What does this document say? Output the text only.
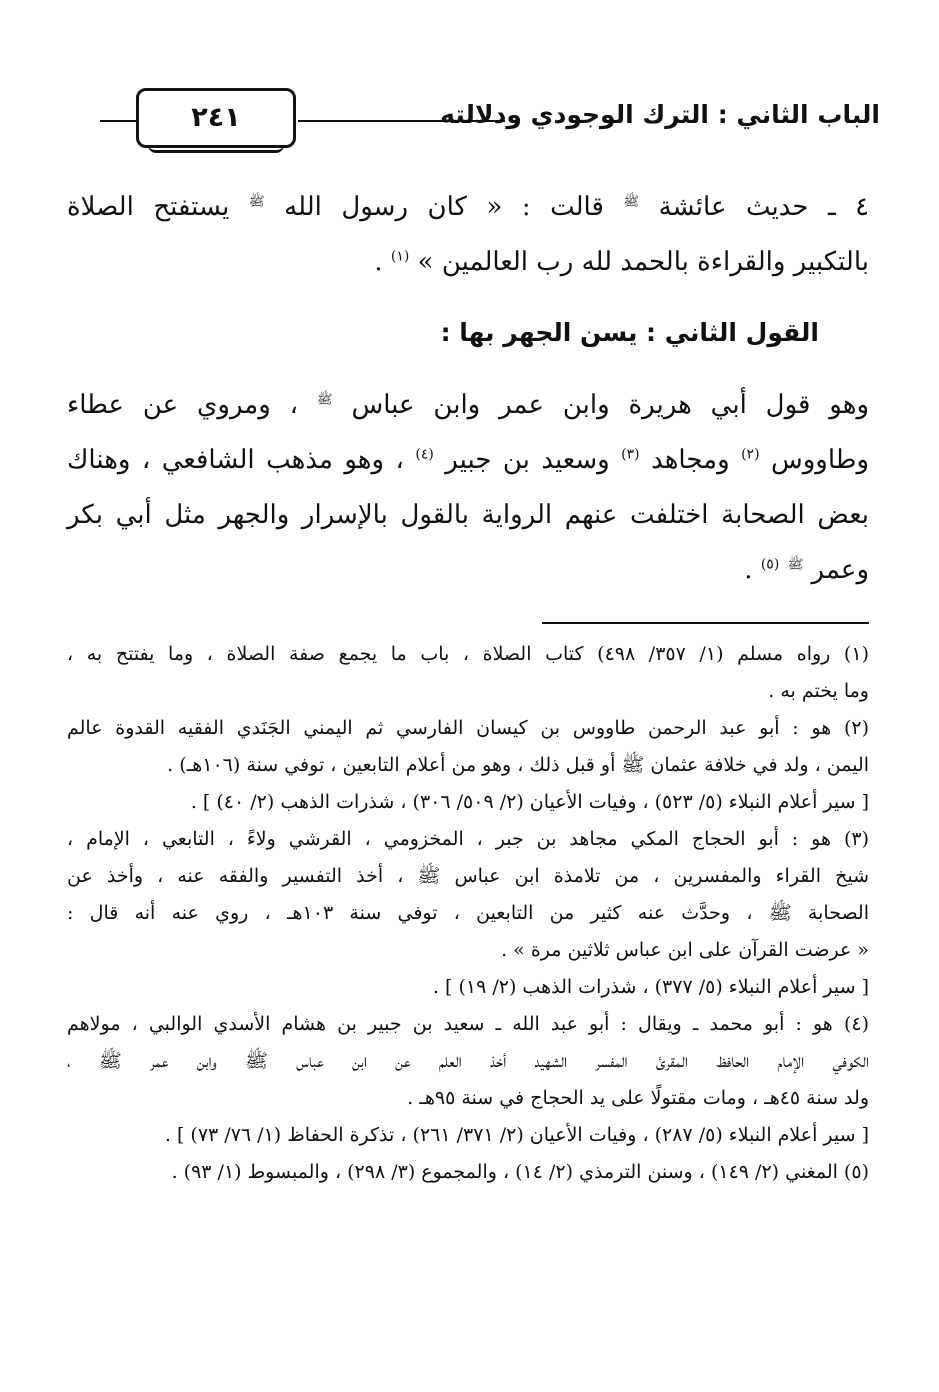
الباب الثاني : الترك الوجودي ودلالته
٢٤١
٤ ـ حديث عائشة $^ﷺ$ قالت : « كان رسول الله $^ﷺ$ يستفتح الصلاة
بالتكبير والقراءة بالحمد لله رب العالمين » $^{(١)}$ .
القول الثاني : يسن الجهر بها :
وهو قول أبي هريرة وابن عمر وابن عباس $^ﷺ$ ، ومروي عن عطاء
وطاووس $^{(٢)}$ ومجاهد $^{(٣)}$ وسعيد بن جبير $^{(٤)}$ ، وهو مذهب الشافعي ، وهناك
بعض الصحابة اختلفت عنهم الرواية بالقول بالإسرار والجهر مثل أبي بكر
وعمر $^ﷺ$ $^{(٥)}$ .
(١) رواه مسلم (١/ ٣٥٧/ ٤٩٨) كتاب الصلاة ، باب ما يجمع صفة الصلاة ، وما يفتتح به ،
وما يختم به .
(٢) هو : أبو عبد الرحمن طاووس بن كيسان الفارسي ثم اليمني الجَنَدي الفقيه القدوة عالم
اليمن ، ولد في خلافة عثمان ﷺ أو قبل ذلك ، وهو من أعلام التابعين ، توفي سنة (١٠٦هـ) .
[ سير أعلام النبلاء (٥/ ٥٢٣) ، وفيات الأعيان (٢/ ٥٠٩/ ٣٠٦) ، شذرات الذهب (٢/ ٤٠) ] .
(٣) هو : أبو الحجاج المكي مجاهد بن جبر ، المخزومي ، القرشي ولاءً ، التابعي ، الإمام ،
شيخ القراء والمفسرين ، من تلامذة ابن عباس ﷺ ، أخذ التفسير والفقه عنه ، وأخذ عن
الصحابة ﷺ ، وحدَّث عنه كثير من التابعين ، توفي سنة ١٠٣هـ ، روي عنه أنه قال :
« عرضت القرآن على ابن عباس ثلاثين مرة » .
[ سير أعلام النبلاء (٥/ ٣٧٧) ، شذرات الذهب (٢/ ١٩) ] .
(٤) هو : أبو محمد ـ ويقال : أبو عبد الله ـ سعيد بن جبير بن هشام الأسدي الوالبي ، مولاهم
الكوفي الإمام الحافظ المقرئ المفسر الشهيد أخذ العلم عن ابن عباس ﷺ وابن عمر ﷺ ،
ولد سنة ٤٥هـ ، ومات مقتولًا على يد الحجاج في سنة ٩٥هـ .
[ سير أعلام النبلاء (٥/ ٢٨٧) ، وفيات الأعيان (٢/ ٣٧١/ ٢٦١) ، تذكرة الحفاظ (١/ ٧٦/ ٧٣) ] .
(٥) المغني (٢/ ١٤٩) ، وسنن الترمذي (٢/ ١٤) ، والمجموع (٣/ ٢٩٨) ، والمبسوط (١/ ٩٣) .
